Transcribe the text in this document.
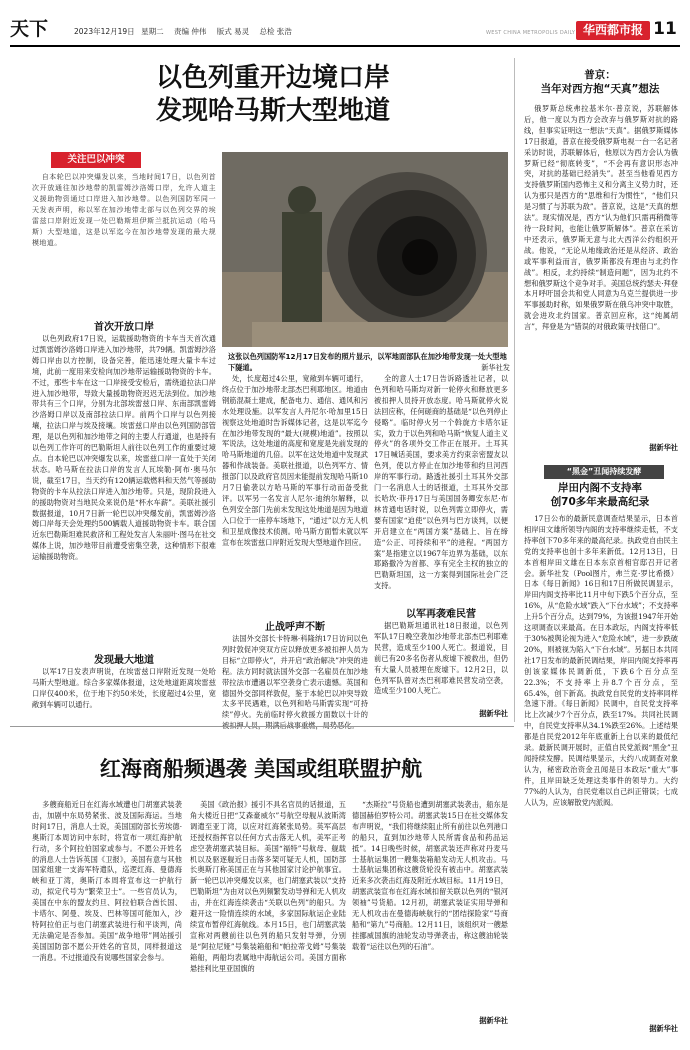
天下	2023年12月19日 星期二 责编 仲伟 版式 易灵 总检 张浩	WEST CHINA METROPOLIS DAILY 华西都市报 11
以色列重开边境口岸
发现哈马斯大型地道
关注巴以冲突
自本轮巴以冲突爆发以来，当地时间17日，以色列首次开放通往加沙地带的凯雷姆沙洛姆口岸，允许人道主义援助物资通过口岸进入加沙地带。以色列国防军同一天发表声明，称以军在加沙地带北部与以色列交界的埃雷兹口岸附近发现一处巴勒斯坦伊斯兰抵抗运动（哈马斯）大型地道，这是以军迄今在加沙地带发现的最大规模地道。
这张以色列国防军12月17日发布的照片显示，以军地面部队在加沙地带发现一处大型地下隧道。	新华社发
首次开放口岸
以色列政府17日说，运载援助物资的卡车当天首次通过凯雷姆沙洛姆口岸进入加沙地带，共79辆。凯雷姆沙洛姆口岸由以方控制，设备完善，能迅速处理大量卡车过境，此前一度用来安检向加沙地带运输援助物资的卡车。不过，那些卡车在这一口岸接受安检后，需绕道拉法口岸进入加沙地带，导致大量援助物资迟迟无法到位。加沙地带共有三个口岸，分别为北部埃雷兹口岸、东南部凯雷姆沙洛姆口岸以及南部拉法口岸。前两个口岸与以色列接壤，拉法口岸与埃及接壤。埃雷兹口岸由以色列国防部管理，是以色列和加沙地带之间的主要人行通道，也是持有以色列工作许可的巴勒斯坦人前往以色列工作的重要过境点。自本轮巴以冲突爆发以来，埃雷兹口岸一直处于关闭状态。哈马斯在拉法口岸的发言人瓦埃勒·阿布·奥马尔说，截至17日，当天约有120辆运载燃料和天然气等援助物资的卡车从拉法口岸进入加沙地带。只是，现阶段进入的援助物资对当地民众来说仍是“杯水车薪”。美联社援引数据报道，10月7日新一轮巴以冲突爆发前，凯雷姆沙洛姆口岸每天会处理约500辆载人道援助物资卡车。联合国近东巴勒斯坦难民救济和工程处发言人朱丽叶·图马在社交媒体上说，加沙地带目前遭受密集空袭，这种情形下很难运输援助物资。
发现最大地道
以军17日发表声明说，在埃雷兹口岸附近发现一处哈马斯大型地道。综合多家媒体报道，这处地道距离埃雷兹口岸仅400米，位于地下约50米处，长度超过4公里，宽敞到车辆可以通行。
处，长度超过4公里，宽敞到车辆可通行，终点位于加沙地带北部杰巴利耶地区。地道由钢筋混凝土建成，配备电力、通信、通风和污水处理设施。以军发言人丹尼尔·哈加里15日视察这处地道时告诉媒体记者，这是以军迄今在加沙地带发现的“最大(规模)地道”。按照以军说法，这处地道的高度和宽度是先前发现的哈马斯地道的几倍。以军在这处地道中发现武器和作战装备。美联社报道，以色列军方、情报部门以及政府官员因未能提前发现哈马斯10月7日偷袭以方哈马斯的军事行动而备受批评。以军另一名发言人尼尔·迪纳尔解释，以色列安全部门先前未发现这处地道是因为地道入口位于一座停车场地下，“通过”以方无人机和卫星成像技术侦测。哈马斯方面暂未就以军宣布在埃雷兹口岸附近发现大型地道作回应。
止战呼声不断
法国外交部长卡特琳·科隆纳17日访问以色列时敦促冲突双方应以释放更多被扣押人员为目标“立即停火”，并开启“政治解决”冲突的进程。法方同时就法国外交部一名雇员在加沙地带拉法市遭遇以军空袭身亡表示遗憾。英国和德国外交部同样敦促，鉴于本轮巴以冲突导致太多平民遇难，以色列和哈马斯需实现“可持续”停火。先前临时停火救援方面数以十计的
全的意人士17日告诉路透社记者，以色列和哈马斯均对新一轮停火和释放更多被扣押人员持开放态度。哈马斯就停火说法回应称，任何磋商的基础是“以色列停止侵略”。临时停火另一个斡旋方卡塔尔证实，致力于以色列和哈马斯“恢复人道主义停火”的各项外交工作正在展开。土耳其17日喊话美国，要求美方约束亲密盟友以色列，使以方停止在加沙地带和约旦河西岸的军事行动。路透社援引土耳其外交部门一名消息人士的话报道，土耳其外交部长哈坎·菲丹17日与美国国务卿安东尼·布林肯通电话时说，以色列需立即停火，需要有国家“迫使”以色列与巴方谈判，以便开启建立在“两国方案”基础上、旨在缔造“公正、可持续和平”的进程。“两国方案”是指建立以1967年边界为基础，以东耶路撒冷为首都、享有完全主权的独立的巴勒斯坦国，这一方案得到国际社会广泛支持。
以军再袭难民营
据巴勒斯坦通讯社18日报道，以色列军队17日晚空袭加沙地带北部杰巴利耶难民营，造成至少100人死亡。报道说，目前已有20多名伤者从废墟下被救出，但仍有大量人员被埋在废墟下。12月2日，以色列军队曾对杰巴利耶难民营发动空袭，造成至少100人死亡。
据新华社
普京：
当年对西方抱“天真”想法
俄罗斯总统弗拉基米尔·普京说，苏联解体后，他一度以为西方会改弃与俄罗斯对抗的路线，但事实证明这一想法“天真”。据俄罗斯媒体17日报道，普京在接受俄罗斯电视一台一名记者采访时说，苏联解体后，他原以为西方会认为俄罗斯已经“彻底转变”，“不会再有意识形态冲突，对抗的基础已经消失”。甚至当他看见西方支持俄罗斯国内恐怖主义和分离主义势力时，还认为那只是西方的“思维和行为惯性”，“他们只是习惯了与苏联为敌”。普京说，这是“天真的想法”。现实情况是，西方“认为他们只需再稍微等待一段时间，也能让俄罗斯解体”。普京在采访中还表示，俄罗斯无意与北大西洋公约组织开战。他说，“无论从地缘政治还是从经济、政治或军事利益而言，俄罗斯都没有理由与北约作战”。相反，北约持续“制造问题”，因为北约不想和俄罗斯这个竞争对手。美国总统约瑟夫·拜登本月呼吁国会共和党人同意为乌克兰提供进一步军事援助时称，如果俄罗斯在俄乌冲突中取胜，就会进攻北约国家。普京回应称，这“纯属胡言”，拜登是为“错误的对俄政策寻找借口”。
据新华社
“黑金”丑闻持续发酵
岸田内阁不支持率
创70多年来最高纪录
17日公布的最新民意调查结果显示，日本首相岸田文雄所领导内阁的支持率继续走低，不支持率创下70多年来的最高纪录。执政党自由民主党的支持率也创十多年来新低。12月13日，日本首相岸田文雄在日本东京首相官邸召开记者会。新华社发（Pool图片，弗兰克·罗比希摄）日本《每日新闻》16日和17日所做民调显示，岸田内阁支持率比11月中旬下跌5个百分点，至16%，从“危险水域”跌入“下台水域”；不支持率上升5个百分点，达到79%，为该报1947年开始这项调查以来最高。在日本政坛，内阁支持率低于30%被舆论视为进入“危险水域”，进一步跌破20%，则被视为陷入“下台水域”。另据日本共同社17日发布的最新民调结果，岸田内阁支持率再创该家媒体民调新低，下跌6个百分点至22.3%；不支持率上升8.7个百分点，至65.4%，创下新高。执政党自民党的支持率同样急速下滑。《每日新闻》民调中，自民党支持率比上次减少7个百分点，跌至17%。共同社民调中，自民党支持率从34.1%跌至26%。上述结果都是自民党2012年年底重新上台以来的最低纪录。最新民调开展时，正值自民党派阀“黑金”丑闻持续发酵。民调结果显示，大约八成调查对象认为，秘密政治资金丑闻是日本政坛“重大”事件，且岸田缺乏处理这类事件的领导力。大约77%的人认为，自民党难以自己纠正错误；七成人认为，应该解散党内派阀。
据新华社
红海商船频遇袭 美国或组联盟护航
多艘商船近日在红海水域遭也门胡塞武装袭击，加剧中东局势紧张、波及国际海运。当地时间17日，消息人士说，美国国防部长劳埃德·奥斯汀本周访问中东时，将宣布一项红海护航行动，多个阿拉伯国家或参与。不愿公开姓名的消息人士告诉英国《卫报》，美国有意与其他国家组建一支海军特遣队，巡逻红海、曼德海峡和亚丁湾，奥斯汀本周将宣布这一护航行动，拟定代号为“繁荣卫士”。一些官员认为，美国在中东的盟友约旦、阿拉伯联合酋长国、卡塔尔、阿曼、埃及、巴林等国可能加入，沙特阿拉伯正与也门胡塞武装进行和平谈判，尚无法确定是否参加。美国“战争地带”网站援引美国国防部不愿公开姓名的官员，同样报道这一消息。不过报道没有说哪些国家会参与。
美国《政治报》援引不具名官员的话报道，五角大楼近日把“艾森豪威尔”号航空母舰从波斯湾调遣至亚丁湾，以应对红海紧张局势。英军高层还授权指挥官以任何方式击落无人机，美军正考虑空袭胡塞武装目标。美国“福特”号航母、舰载机以及驱逐舰近日击落多架可疑无人机，国防部长奥斯汀称美国正在与其他国家讨论护航事宜。新一轮巴以冲突爆发以来，也门胡塞武装以“支持巴勒斯坦”为由对以色列频繁发动导弹和无人机攻击，并在红海连续袭击“关联以色列”的船只。为避开这一险情连续的水域，多家国际航运企业陆续宣布暂停红海航线。本月15日，也门胡塞武装宣称对两艘前往以色列的船只发射导弹，分别是“阿拉尼娅”号集装箱船和“帕拉蒂戈姆”号集装箱船，两船均表属地中海航运公司。美国方面称悬挂利比里亚国旗的
“杰斯拉”号货船也遭到胡塞武装袭击，船东是德国赫伯罗特公司。胡塞武装15日在社交媒体发布声明说，“我们将继续阻止所有前往以色列港口的船只，直到加沙地带人民所需食品和药品运抵”。14日晚些时候，胡塞武装还声称对丹麦马士基航运集团一艘集装箱船发动无人机攻击。马士基航运集团称这艘货轮没有被击中。胡塞武装近来多次袭击红海及附近水域目标。11月19日，胡塞武装宣布在红海水域扣留关联以色列的“银河领袖”号货船。12月初，胡塞武装证实用导弹和无人机攻击在曼德海峡航行的“团结探险家”号商船和“第九”号商船。12月11日，该组织对一艘悬挂挪威国旗的油轮发动导弹袭击，称这艘油轮装载着“运往以色列的石油”。
据新华社
